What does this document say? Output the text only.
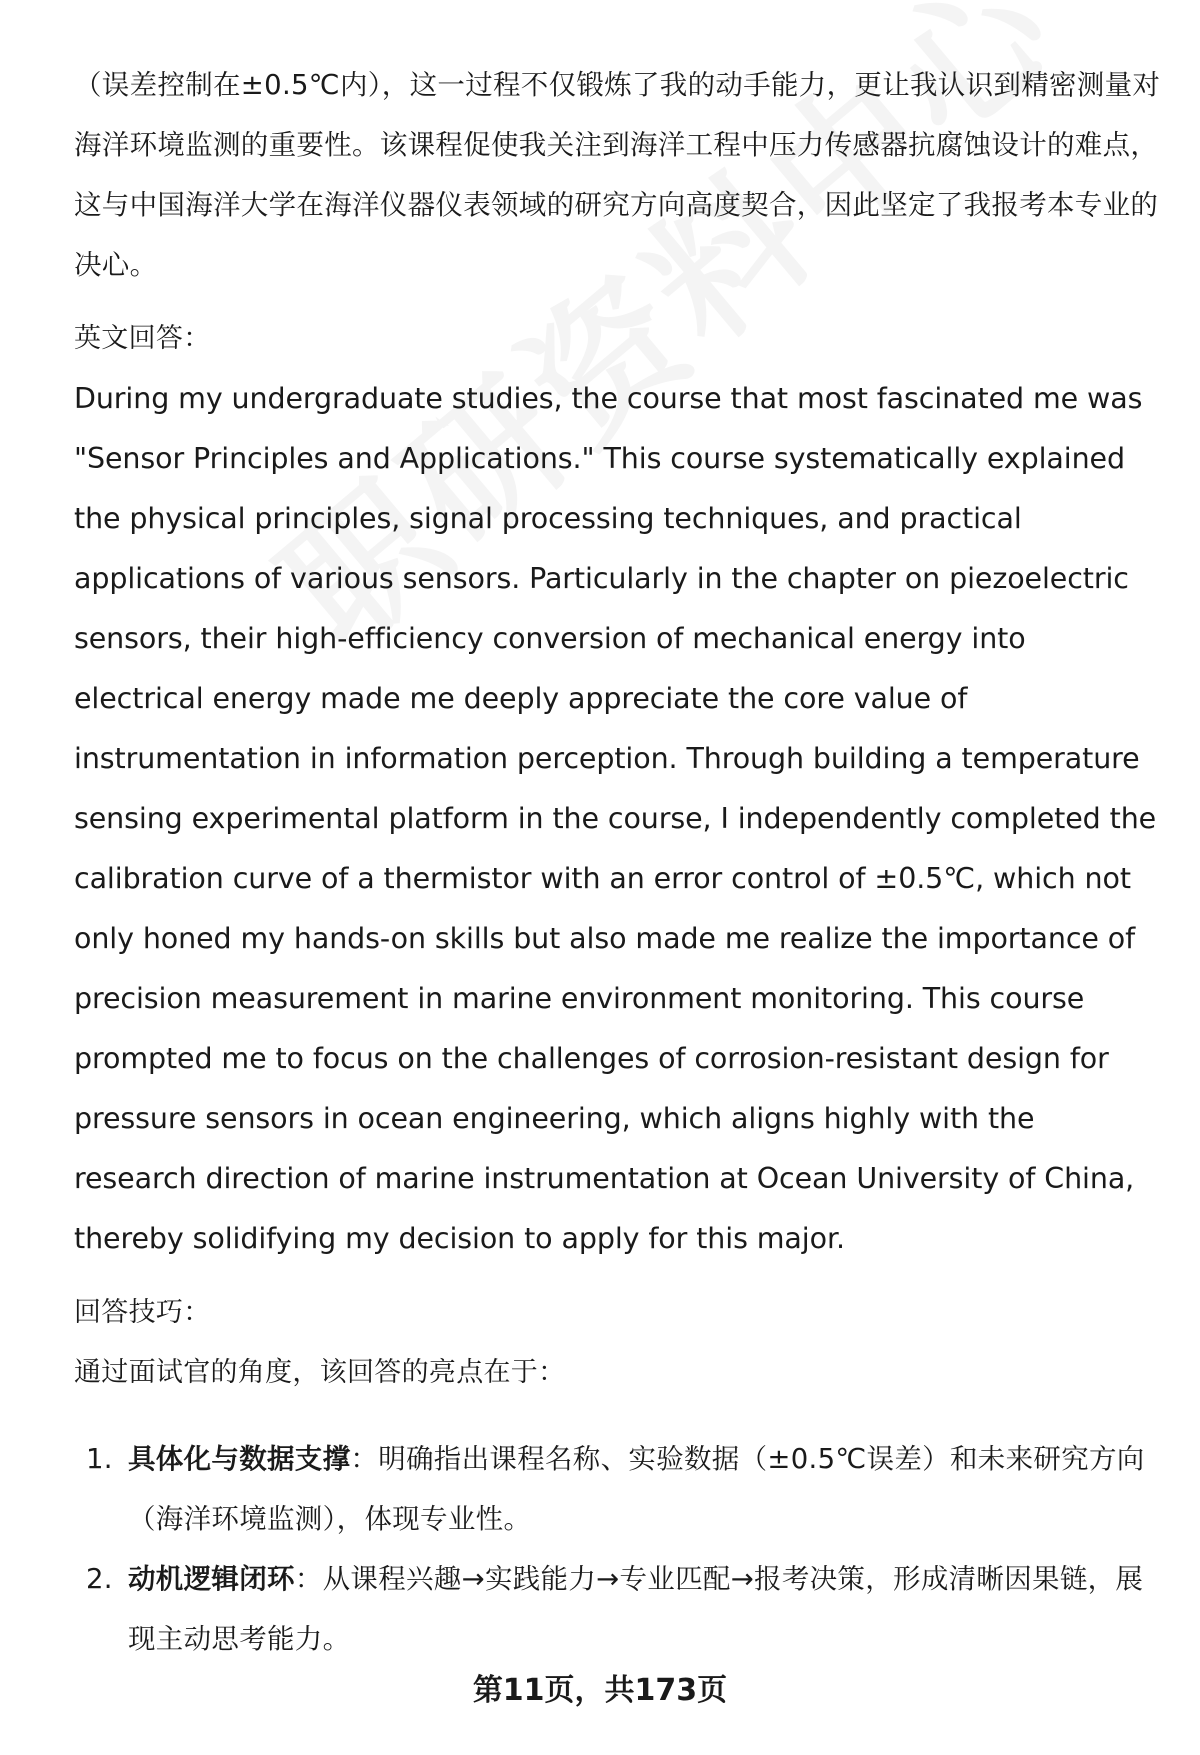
（误差控制在±0.5℃内），这一过程不仅锻炼了我的动手能力，更让我认识到精密测量对海洋环境监测的重要性。该课程促使我关注到海洋工程中压力传感器抗腐蚀设计的难点，这与中国海洋大学在海洋仪器仪表领域的研究方向高度契合，因此坚定了我报考本专业的决心。

英文回答：

During my undergraduate studies, the course that most fascinated me was "Sensor Principles and Applications." This course systematically explained the physical principles, signal processing techniques, and practical applications of various sensors. Particularly in the chapter on piezoelectric sensors, their high-efficiency conversion of mechanical energy into electrical energy made me deeply appreciate the core value of instrumentation in information perception. Through building a temperature sensing experimental platform in the course, I independently completed the calibration curve of a thermistor with an error control of ±0.5℃, which not only honed my hands-on skills but also made me realize the importance of precision measurement in marine environment monitoring. This course prompted me to focus on the challenges of corrosion-resistant design for pressure sensors in ocean engineering, which aligns highly with the research direction of marine instrumentation at Ocean University of China, thereby solidifying my decision to apply for this major.

回答技巧：

通过面试官的角度，该回答的亮点在于：

1. 具体化与数据支撑：明确指出课程名称、实验数据（±0.5℃误差）和未来研究方向（海洋环境监测），体现专业性。
2. 动机逻辑闭环：从课程兴趣→实践能力→专业匹配→报考决策，形成清晰因果链，展现主动思考能力。
第11页，共173页
